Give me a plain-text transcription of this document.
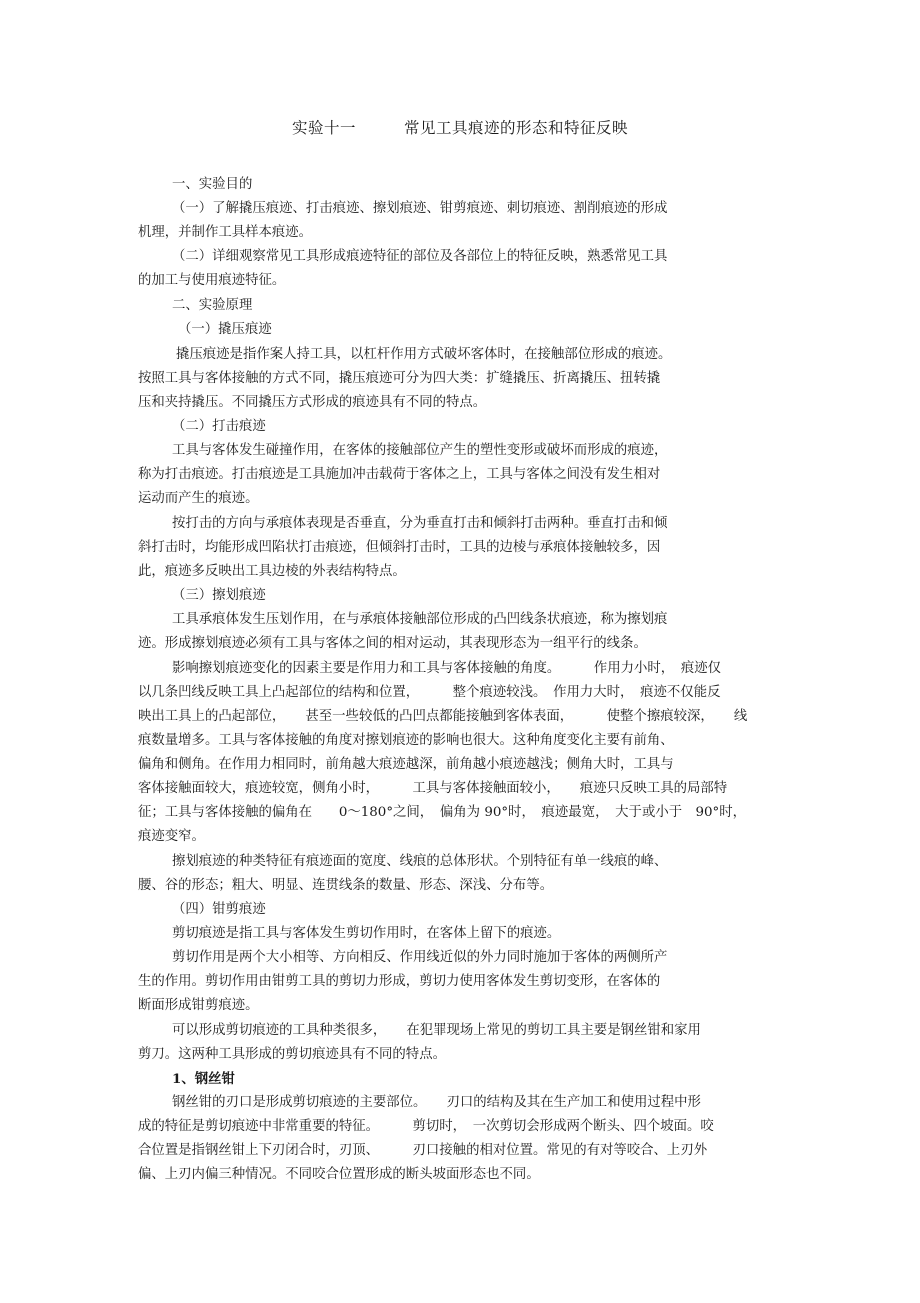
实验十一	常见工具痕迹的形态和特征反映
一、实验目的
（一）了解撬压痕迹、打击痕迹、擦划痕迹、钳剪痕迹、刺切痕迹、割削痕迹的形成
机理，并制作工具样本痕迹。
（二）详细观察常见工具形成痕迹特征的部位及各部位上的特征反映，熟悉常见工具
的加工与使用痕迹特征。
二、实验原理
（一）撬压痕迹
撬压痕迹是指作案人持工具，以杠杆作用方式破坏客体时，在接触部位形成的痕迹。
按照工具与客体接触的方式不同，撬压痕迹可分为四大类：扩缝撬压、折离撬压、扭转撬
压和夹持撬压。不同撬压方式形成的痕迹具有不同的特点。
（二）打击痕迹
工具与客体发生碰撞作用，在客体的接触部位产生的塑性变形或破坏而形成的痕迹，
称为打击痕迹。打击痕迹是工具施加冲击载荷于客体之上，工具与客体之间没有发生相对
运动而产生的痕迹。
按打击的方向与承痕体表现是否垂直，分为垂直打击和倾斜打击两种。垂直打击和倾
斜打击时，均能形成凹陷状打击痕迹，但倾斜打击时，工具的边棱与承痕体接触较多，因
此，痕迹多反映出工具边棱的外表结构特点。
（三）擦划痕迹
工具承痕体发生压划作用，在与承痕体接触部位形成的凸凹线条状痕迹，称为擦划痕
迹。形成擦划痕迹必须有工具与客体之间的相对运动，其表现形态为一组平行的线条。
影响擦划痕迹变化的因素主要是作用力和工具与客体接触的角度。　　　作用力小时，　痕迹仅
以几条凹线反映工具上凸起部位的结构和位置，　　　整个痕迹较浅。　作用力大时，　痕迹不仅能反
映出工具上的凸起部位，　　甚至一些较低的凸凹点都能接触到客体表面，　　　使整个擦痕较深，　　线
痕数量增多。工具与客体接触的角度对擦划痕迹的影响也很大。这种角度变化主要有前角、
偏角和侧角。在作用力相同时，前角越大痕迹越深，前角越小痕迹越浅；侧角大时，工具与
客体接触面较大，痕迹较宽，侧角小时，　　　工具与客体接触面较小，　　痕迹只反映工具的局部特
征；工具与客体接触的偏角在　　0～180°之间，　偏角为 90°时，　痕迹最宽，　大于或小于　90°时，
痕迹变窄。
擦划痕迹的种类特征有痕迹面的宽度、线痕的总体形状。个别特征有单一线痕的峰、
腰、谷的形态；粗大、明显、连贯线条的数量、形态、深浅、分布等。
（四）钳剪痕迹
剪切痕迹是指工具与客体发生剪切作用时，在客体上留下的痕迹。
剪切作用是两个大小相等、方向相反、作用线近似的外力同时施加于客体的两侧所产
生的作用。剪切作用由钳剪工具的剪切力形成，剪切力使用客体发生剪切变形，在客体的
断面形成钳剪痕迹。
可以形成剪切痕迹的工具种类很多，　　在犯罪现场上常见的剪切工具主要是钢丝钳和家用
剪刀。这两种工具形成的剪切痕迹具有不同的特点。
1、钢丝钳
钢丝钳的刃口是形成剪切痕迹的主要部位。　　刃口的结构及其在生产加工和使用过程中形
成的特征是剪切痕迹中非常重要的特征。　　　剪切时，　一次剪切会形成两个断头、四个坡面。咬
合位置是指钢丝钳上下刃闭合时，刃顶、　　　刃口接触的相对位置。常见的有对等咬合、上刃外
偏、上刃内偏三种情况。不同咬合位置形成的断头坡面形态也不同。
